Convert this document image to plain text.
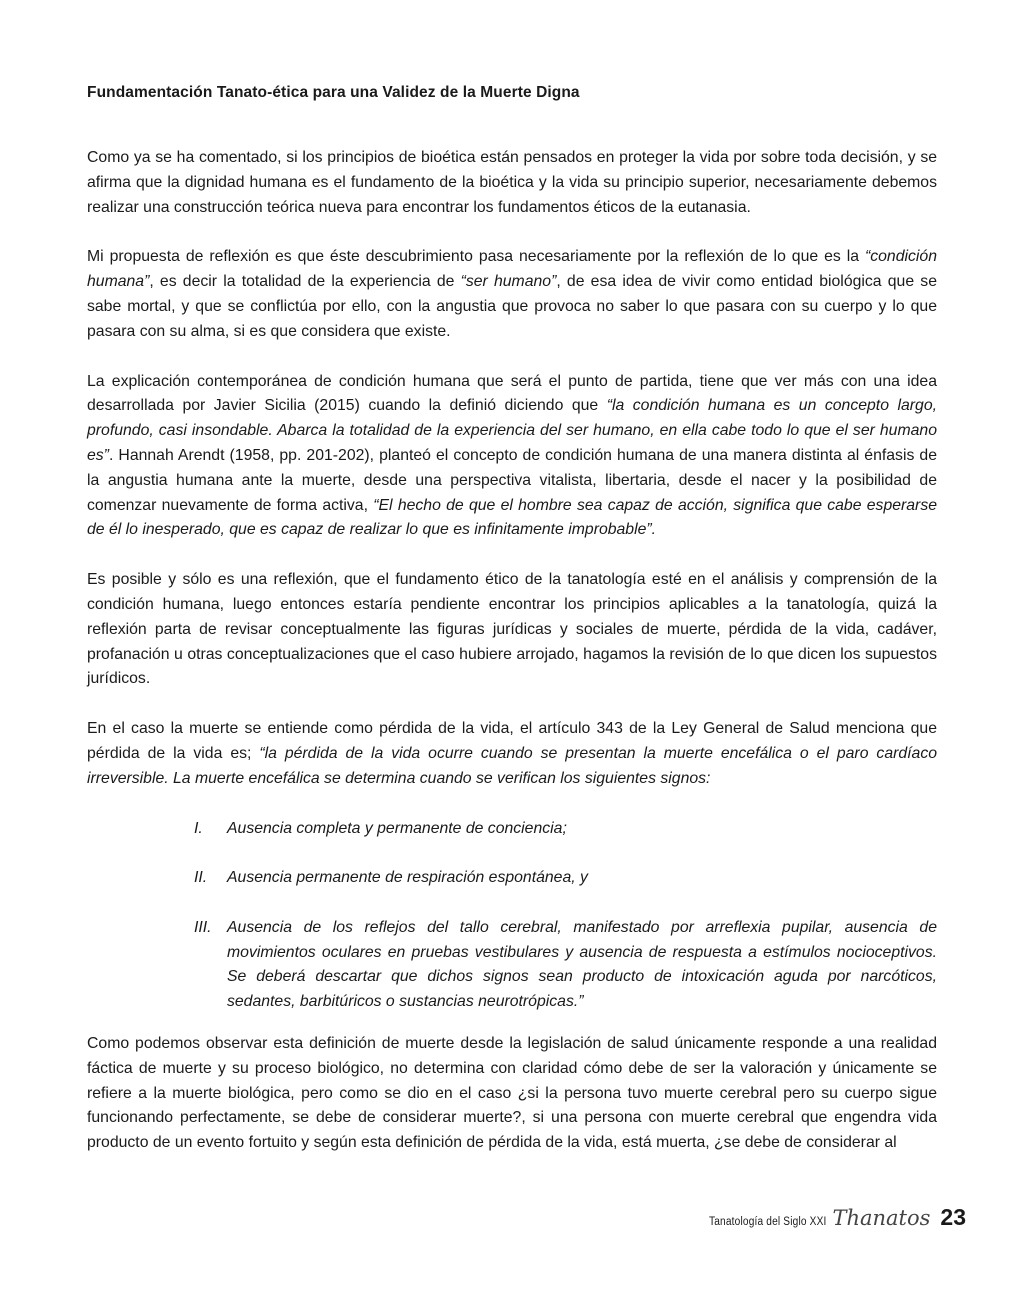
Fundamentación Tanato-ética para una Validez de la Muerte Digna

Como ya se ha comentado, si los principios de bioética están pensados en proteger la vida por sobre toda decisión, y se afirma que la dignidad humana es el fundamento de la bioética y la vida su principio superior, necesariamente debemos realizar una construcción teórica nueva para encontrar los fundamentos éticos de la eutanasia.

Mi propuesta de reflexión es que éste descubrimiento pasa necesariamente por la reflexión de lo que es la “condición humana”, es decir la totalidad de la experiencia de “ser humano”, de esa idea de vivir como entidad biológica que se sabe mortal, y que se conflictúa por ello, con la angustia que provoca no saber lo que pasara con su cuerpo y lo que pasara con su alma, si es que considera que existe.

La explicación contemporánea de condición humana que será el punto de partida, tiene que ver más con una idea desarrollada por Javier Sicilia (2015) cuando la definió diciendo que “la condición humana es un concepto largo, profundo, casi insondable. Abarca la totalidad de la experiencia del ser humano, en ella cabe todo lo que el ser humano es”. Hannah Arendt (1958, pp. 201-202), planteó el concepto de condición humana de una manera distinta al énfasis de la angustia humana ante la muerte, desde una perspectiva vitalista, libertaria, desde el nacer y la posibilidad de comenzar nuevamente de forma activa, “El hecho de que el hombre sea capaz de acción, significa que cabe esperarse de él lo inesperado, que es capaz de realizar lo que es infinitamente improbable”.

Es posible y sólo es una reflexión, que el fundamento ético de la tanatología esté en el análisis y comprensión de la condición humana, luego entonces estaría pendiente encontrar los principios aplicables a la tanatología, quizá la reflexión parta de revisar conceptualmente las figuras jurídicas y sociales de muerte, pérdida de la vida, cadáver, profanación u otras conceptualizaciones que el caso hubiere arrojado, hagamos la revisión de lo que dicen los supuestos jurídicos.

En el caso la muerte se entiende como pérdida de la vida, el artículo 343 de la Ley General de Salud menciona que pérdida de la vida es; “la pérdida de la vida ocurre cuando se presentan la muerte encefálica o el paro cardíaco irreversible. La muerte encefálica se determina cuando se verifican los siguientes signos:

I.	Ausencia completa y permanente de conciencia;
II.	Ausencia permanente de respiración espontánea, y
III. Ausencia de los reflejos del tallo cerebral, manifestado por arreflexia pupilar, ausencia de movimientos oculares en pruebas vestibulares y ausencia de respuesta a estímulos nocioceptivos. Se deberá descartar que dichos signos sean producto de intoxicación aguda por narcóticos, sedantes, barbitúricos o sustancias neurotrópicas.”

Como podemos observar esta definición de muerte desde la legislación de salud únicamente responde a una realidad fáctica de muerte y su proceso biológico, no determina con claridad cómo debe de ser la valoración y únicamente se refiere a la muerte biológica, pero como se dio en el caso ¿si la persona tuvo muerte cerebral pero su cuerpo sigue funcionando perfectamente, se debe de considerar muerte?, si una persona con muerte cerebral que engendra vida producto de un evento fortuito y según esta definición de pérdida de la vida, está muerta, ¿se debe de considerar al

Tanatología del Siglo XXI Thanatos 23
